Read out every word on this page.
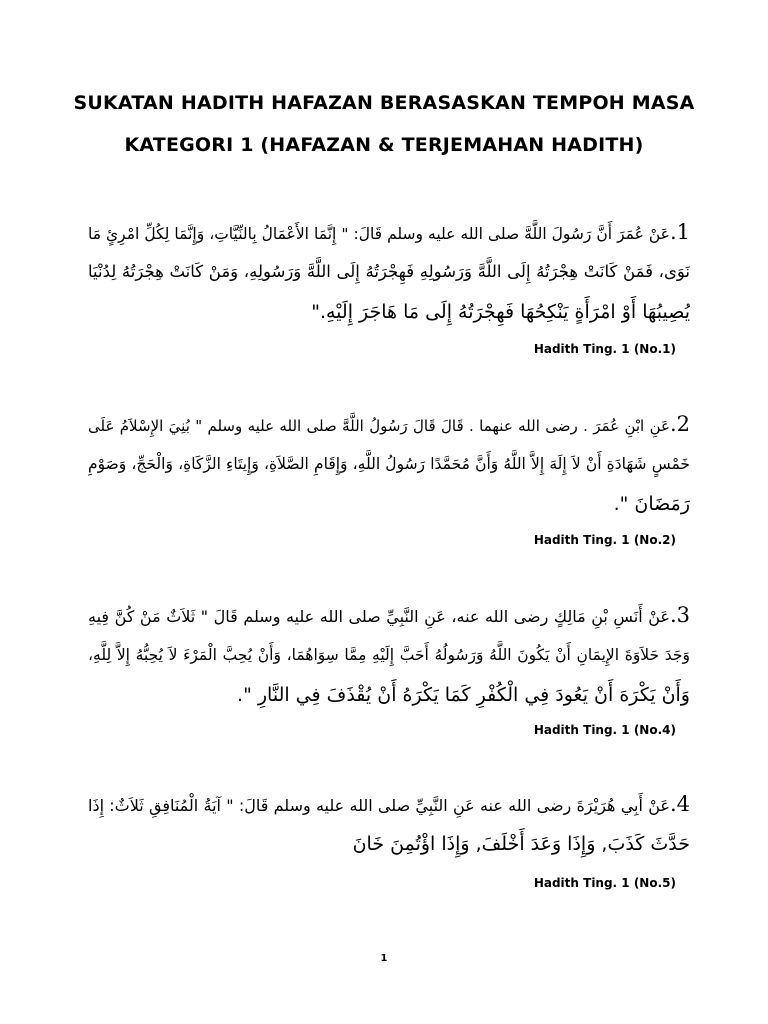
SUKATAN HADITH HAFAZAN BERASASKAN TEMPOH MASA
KATEGORI 1 (HAFAZAN & TERJEMAHAN HADITH)
1.عَنْ عُمَرَ أَنَّ رَسُولَ اللَّهَّ صلى الله عليه وسلم قَالَ: " إِنَّمَا الأَعْمَالُ بِالنِّيَّاتِ، وَإِنَّمَا لِكُلِّ امْرِئٍ مَا
نَوَى، فَمَنْ كَانَتْ هِجْرَتُهُ إِلَى اللَّهَّ وَرَسُولِهِ فَهِجْرَتُهُ إِلَى اللَّهَّ وَرَسُولِهِ، وَمَنْ كَانَتْ هِجْرَتُهُ لِدُنْيَا
يُصِيبُهَا أَوْ امْرَأَةٍ يَنْكِحُهَا فَهِجْرَتُهُ إِلَى مَا هَاجَرَ إِلَيْهِ."
Hadith Ting. 1 (No.1)
2.عَنِ ابْنِ عُمَرَ . رضى الله عنهما . قَالَ قَالَ رَسُولُ اللَّهَّ صلى الله عليه وسلم " بُنِيَ الإِسْلاَمُ عَلَى
خَمْسٍ شَهَادَةِ أَنْ لاَ إِلَهَ إِلاَّ اللَّهُ وَأَنَّ مُحَمَّدًا رَسُولُ اللَّهِ، وَإِقَامِ الصَّلاَةِ، وَإِيتَاءِ الزَّكَاةِ، وَالْحَجِّ، وَصَوْمِ
رَمَضَانَ ".
Hadith Ting. 1 (No.2)
3.عَنْ أَنَسِ بْنِ مَالِكٍ رضى الله عنه، عَنِ النَّبِيِّ صلى الله عليه وسلم قَالَ " ثَلاَثٌ مَنْ كُنَّ فِيهِ
وَجَدَ حَلاَوَةَ الإِيمَانِ أَنْ يَكُونَ اللَّهُ وَرَسُولُهُ أَحَبَّ إِلَيْهِ مِمَّا سِوَاهُمَا، وَأَنْ يُحِبَّ الْمَرْءَ لاَ يُحِبُّهُ إِلاَّ لِلَّهِ،
وَأَنْ يَكْرَهَ أَنْ يَعُودَ فِي الْكُفْرِ كَمَا يَكْرَهُ أَنْ يُقْذَفَ فِي النَّارِ ".
Hadith Ting. 1 (No.4)
4.عَنْ أَبِي هُرَيْرَةَ رضى الله عنه عَنِ النَّبِيِّ صلى الله عليه وسلم قَالَ: " آيَةُ الْمُنَافِقِ ثَلاَثٌ: إِذَا
حَدَّثَ كَذَبَ, وَإِذَا وَعَدَ أَخْلَفَ, وَإِذَا اؤْتُمِنَ خَانَ
Hadith Ting. 1 (No.5)
1
